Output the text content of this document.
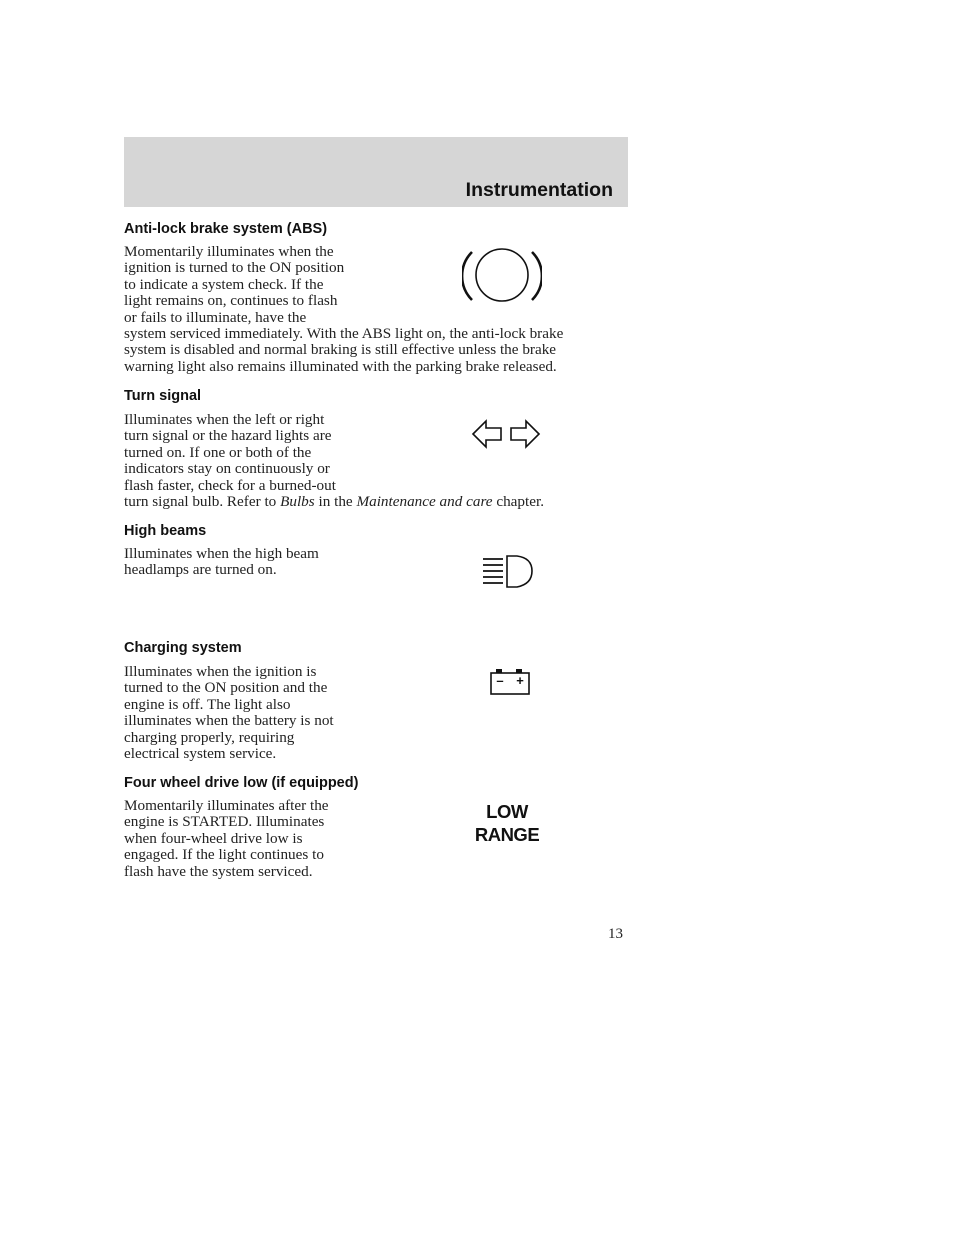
Instrumentation
Anti-lock brake system (ABS)
Momentarily illuminates when the
ignition is turned to the ON position
to indicate a system check. If the
light remains on, continues to flash
or fails to illuminate, have the
system serviced immediately. With the ABS light on, the anti-lock brake
system is disabled and normal braking is still effective unless the brake
warning light also remains illuminated with the parking brake released.
Turn signal
Illuminates when the left or right
turn signal or the hazard lights are
turned on. If one or both of the
indicators stay on continuously or
flash faster, check for a burned-out
turn signal bulb. Refer to Bulbs in the Maintenance and care chapter.
High beams
Illuminates when the high beam
headlamps are turned on.
Charging system
Illuminates when the ignition is
turned to the ON position and the
engine is off. The light also
illuminates when the battery is not
charging properly, requiring
electrical system service.
– +
Four wheel drive low (if equipped)
Momentarily illuminates after the
engine is STARTED. Illuminates
when four-wheel drive low is
engaged. If the light continues to
flash have the system serviced.
LOW
RANGE
13
